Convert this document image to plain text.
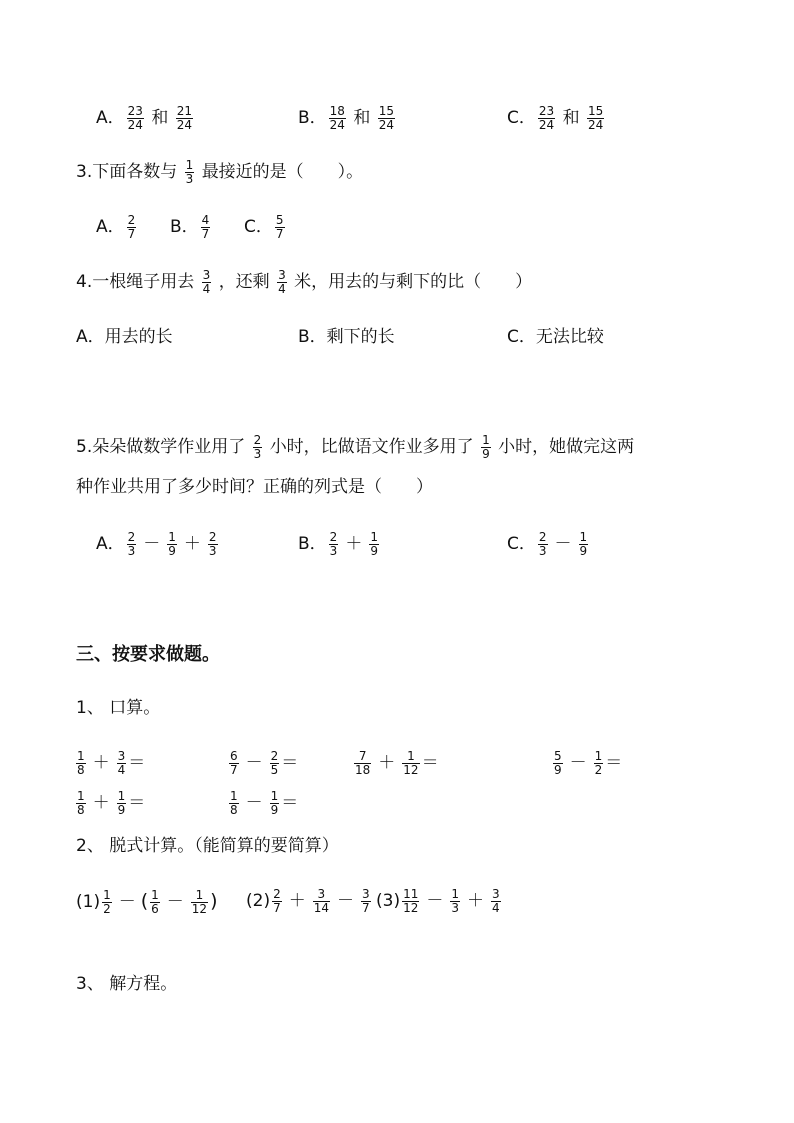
A． $\frac{23}{24}$ 和 $\frac{21}{24}$	B． $\frac{18}{24}$ 和 $\frac{15}{24}$	C． $\frac{23}{24}$ 和 $\frac{15}{24}$
3.下面各数与 $\frac{1}{3}$ 最接近的是（　　）。
A． $\frac{2}{7}$ B． $\frac{4}{7}$ C． $\frac{5}{7}$
4.一根绳子用去 $\frac{3}{4}$ ，还剩 $\frac{3}{4}$ 米，用去的与剩下的比（　　）
A．用去的长	B．剩下的长	C．无法比较
5.朵朵做数学作业用了 $\frac{2}{3}$ 小时，比做语文作业多用了 $\frac{1}{9}$ 小时，她做完这两
种作业共用了多少时间？正确的列式是（　　）
A． $\frac{2}{3} - \frac{1}{9} + \frac{2}{3}$	B． $\frac{2}{3} + \frac{1}{9}$	C． $\frac{2}{3} - \frac{1}{9}$
三、按要求做题。
1、 口算。
$\frac{1}{8} + \frac{3}{4}$ ＝	$\frac{6}{7} - \frac{2}{5}$ ＝	$\frac{7}{18} + \frac{1}{12}$ ＝	$\frac{5}{9} - \frac{1}{2}$ ＝
$\frac{1}{8} + \frac{1}{9}$ ＝	$\frac{1}{8} - \frac{1}{9}$ ＝
2、 脱式计算。（能简算的要简算）
$(1) \frac{1}{2}$ － ( $\frac{1}{6} - \frac{1}{12}$ ) $(2) \frac{2}{7} + \frac{3}{14} - \frac{3}{7} (3) \frac{11}{12} - \frac{1}{3} + \frac{3}{4}$
3、 解方程。
